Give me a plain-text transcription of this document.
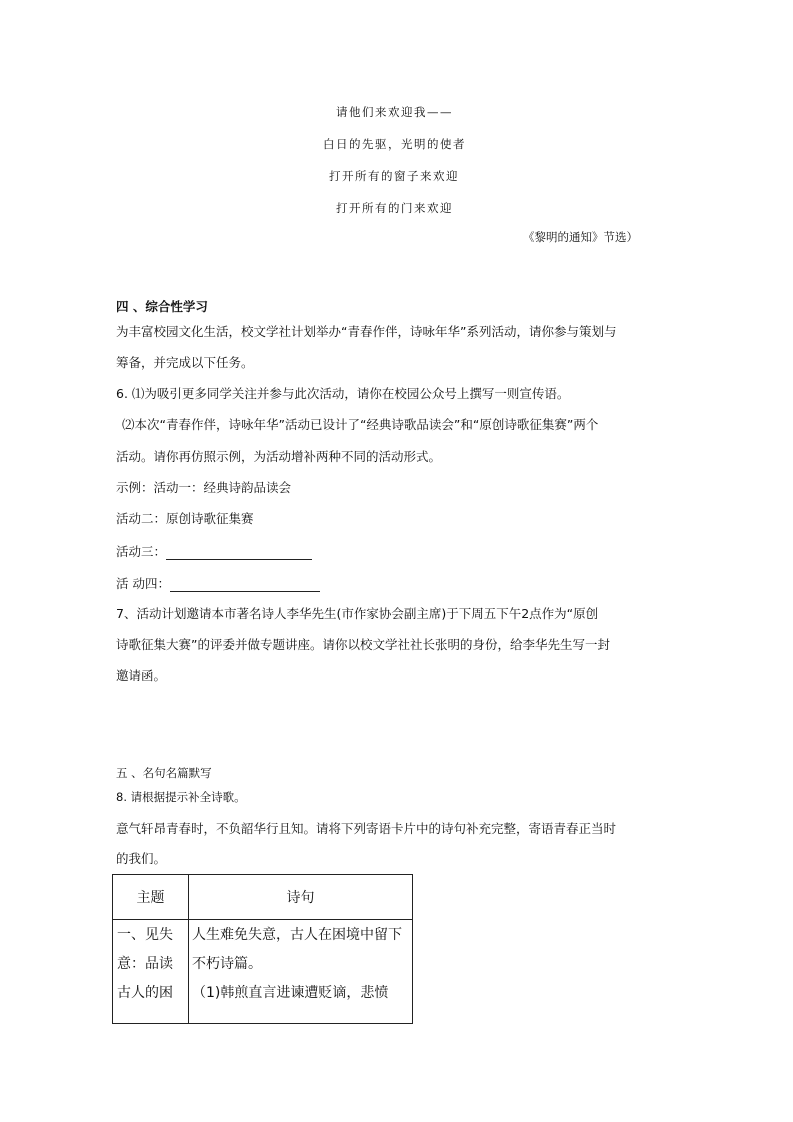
请他们来欢迎我——
白日的先驱，光明的使者
打开所有的窗子来欢迎
打开所有的门来欢迎
《黎明的通知》节选）
四 、综合性学习
为丰富校园文化生活，校文学社计划举办“青春作伴，诗咏年华”系列活动，请你参与策划与
筹备，并完成以下任务。
6. ⑴为吸引更多同学关注并参与此次活动，请你在校园公众号上撰写一则宣传语。
⑵本次“青春作伴，诗咏年华”活动已设计了“经典诗歌品读会”和“原创诗歌征集赛”两个
活动。请你再仿照示例，为活动增补两种不同的活动形式。
示例：活动一：经典诗韵品读会
活动二：原创诗歌征集赛
活动三：
活 动四：
7、活动计划邀请本市著名诗人李华先生(市作家协会副主席)于下周五下午2点作为“原创
诗歌征集大赛”的评委并做专题讲座。请你以校文学社社长张明的身份，给李华先生写一封
邀请函。
五 、名句名篇默写
8. 请根据提示补全诗歌。
意气轩昂青春时，不负韶华行且知。请将下列寄语卡片中的诗句补充完整，寄语青春正当时
的我们。
主题	诗句

一、见失
意：品读
古人的困	人生难免失意，古人在困境中留下
不朽诗篇。
（1)韩煎直言进谏遭贬谪，悲愤
